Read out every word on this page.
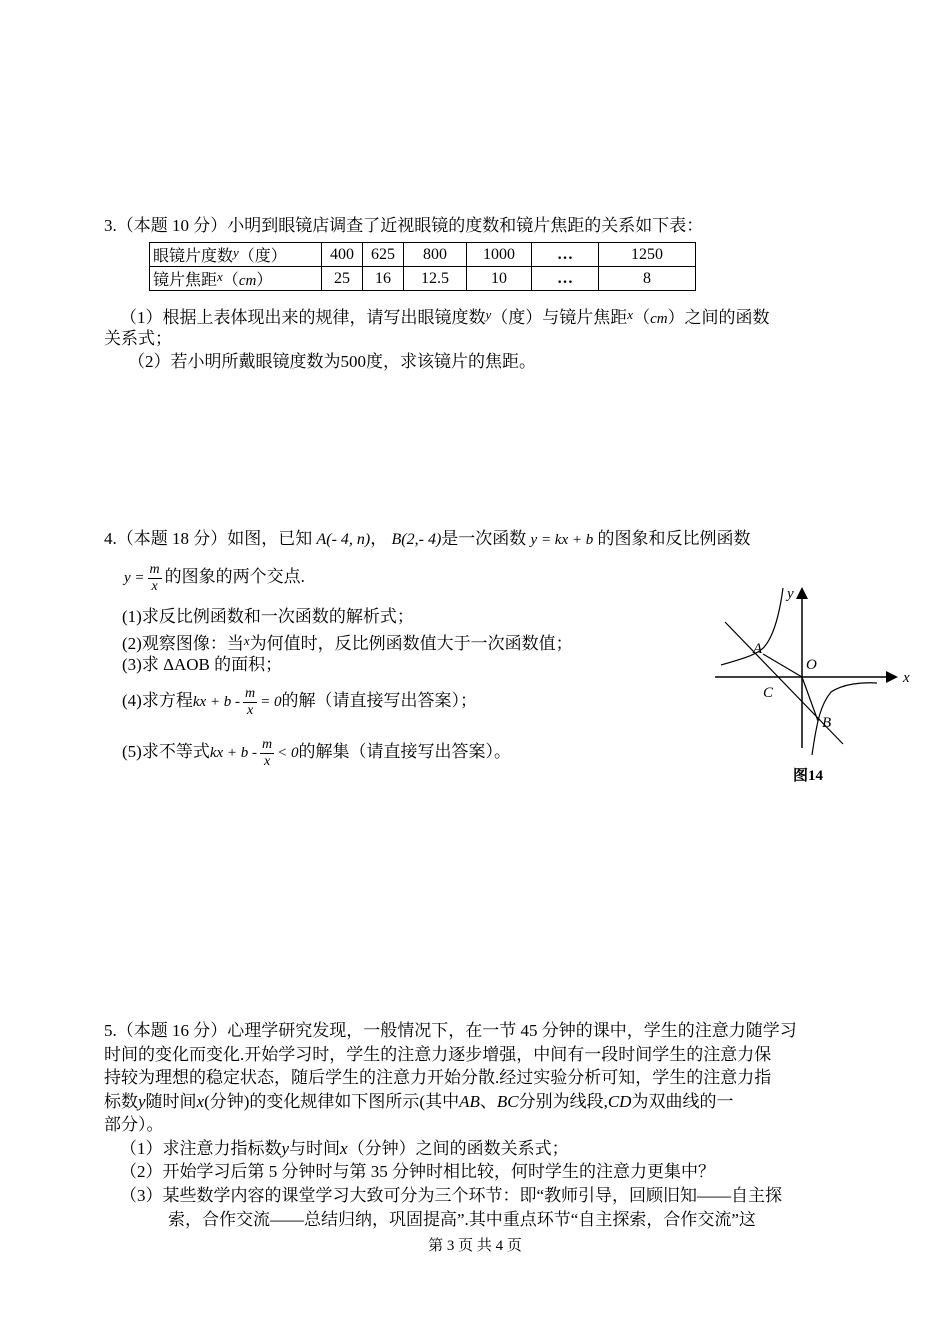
3.（本题 10 分）小明到眼镜店调查了近视眼镜的度数和镜片焦距的关系如下表：
眼镜片度数$^y$（度）	400	625	800	1000	…	1250
镜片焦距$^x$（cm）	25	16	12.5	10	…	8
（1）根据上表体现出来的规律，请写出眼镜度数$^y$（度）与镜片焦距$^x$（cm）之间的函数
关系式；
（2）若小明所戴眼镜度数为500度，求该镜片的焦距。
4.（本题 18 分）如图，已知 A(- 4, n)， B(2,- 4)是一次函数 y = kx + b 的图象和反比例函数
$y = \frac{m}{x}$ 的图象的两个交点.
(1)求反比例函数和一次函数的解析式；
(2)观察图像：当$^x$为何值时，反比例函数值大于一次函数值；
(3)求 ΔAOB 的面积；
(4)求方程kx + $b - \frac{m}{x} = 0$的解（请直接写出答案）；
(5)求不等式kx + $b - \frac{m}{x} < 0$的解集（请直接写出答案）。
y
x
A
O
C
B
图14
5.（本题 16 分）心理学研究发现，一般情况下，在一节 45 分钟的课中，学生的注意力随学习
时间的变化而变化.开始学习时，学生的注意力逐步增强，中间有一段时间学生的注意力保
持较为理想的稳定状态，随后学生的注意力开始分散.经过实验分析可知，学生的注意力指
标数y随时间x(分钟)的变化规律如下图所示(其中AB、BC分别为线段,CD为双曲线的一
部分）。
（1）求注意力指标数y与时间x（分钟）之间的函数关系式；
（2）开始学习后第 5 分钟时与第 35 分钟时相比较，何时学生的注意力更集中？
（3）某些数学内容的课堂学习大致可分为三个环节：即“教师引导，回顾旧知——自主探
索，合作交流——总结归纳，巩固提高”.其中重点环节“自主探索，合作交流”这
第 3 页 共 4 页
